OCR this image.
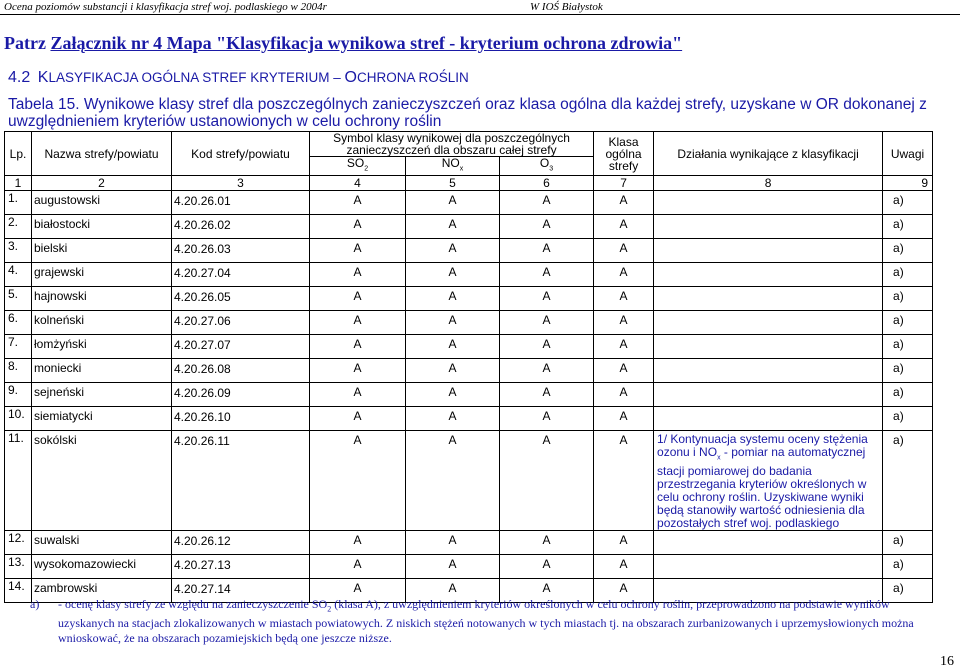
Ocena poziomów substancji i klasyfikacja stref woj. podlaskiego w 2004r	W IOŚ Białystok
Patrz Załącznik nr 4 Mapa "Klasyfikacja wynikowa stref - kryterium ochrona zdrowia"
4.2 KLASYFIKACJA OGÓLNA STREF KRYTERIUM – OCHRONA ROŚLIN
Tabela 15. Wynikowe klasy stref dla poszczególnych zanieczyszczeń oraz klasa ogólna dla każdej strefy, uzyskane w OR dokonanej z uwzględnieniem kryteriów ustanowionych w celu ochrony roślin
Lp.	Nazwa strefy/powiatu	Kod strefy/powiatu	Symbol klasy wynikowej dla poszczególnych zanieczyszczeń dla obszaru całej strefy			Klasa ogólna strefy	Działania wynikające z klasyfikacji	Uwagi
			$SO_2$	$NO_x$	$O_3$
1	2	3	4	5	6	7	8	9
1.	augustowski	4.20.26.01	A	A	A	A		a)
2.	białostocki	4.20.26.02	A	A	A	A		a)
3.	bielski	4.20.26.03	A	A	A	A		a)
4.	grajewski	4.20.27.04	A	A	A	A		a)
5.	hajnowski	4.20.26.05	A	A	A	A		a)
6.	kolneński	4.20.27.06	A	A	A	A		a)
7.	łomżyński	4.20.27.07	A	A	A	A		a)
8.	moniecki	4.20.26.08	A	A	A	A		a)
9.	sejneński	4.20.26.09	A	A	A	A		a)
10.	siemiatycki	4.20.26.10	A	A	A	A		a)
11.	sokólski	4.20.26.11	A	A	A	A	1/ Kontynuacja systemu oceny stężenia ozonu i $NO_x$ - pomiar na automatycznej stacji pomiarowej do badania przestrzegania kryteriów określonych w celu ochrony roślin. Uzyskiwane wyniki będą stanowiły wartość odniesienia dla pozostałych stref woj. podlaskiego	a)
12.	suwalski	4.20.26.12	A	A	A	A		a)
13.	wysokomazowiecki	4.20.27.13	A	A	A	A		a)
14.	zambrowski	4.20.27.14	A	A	A	A		a)
a) - ocenę klasy strefy ze względu na zanieczyszczenie $SO_2$ (klasa A), z uwzględnieniem kryteriów określonych w celu ochrony roślin, przeprowadzono na podstawie wyników uzyskanych na stacjach zlokalizowanych w miastach powiatowych. Z niskich stężeń notowanych w tych miastach tj. na obszarach zurbanizowanych i uprzemysłowionych można wnioskować, że na obszarach pozamiejskich będą one jeszcze niższe.
16
